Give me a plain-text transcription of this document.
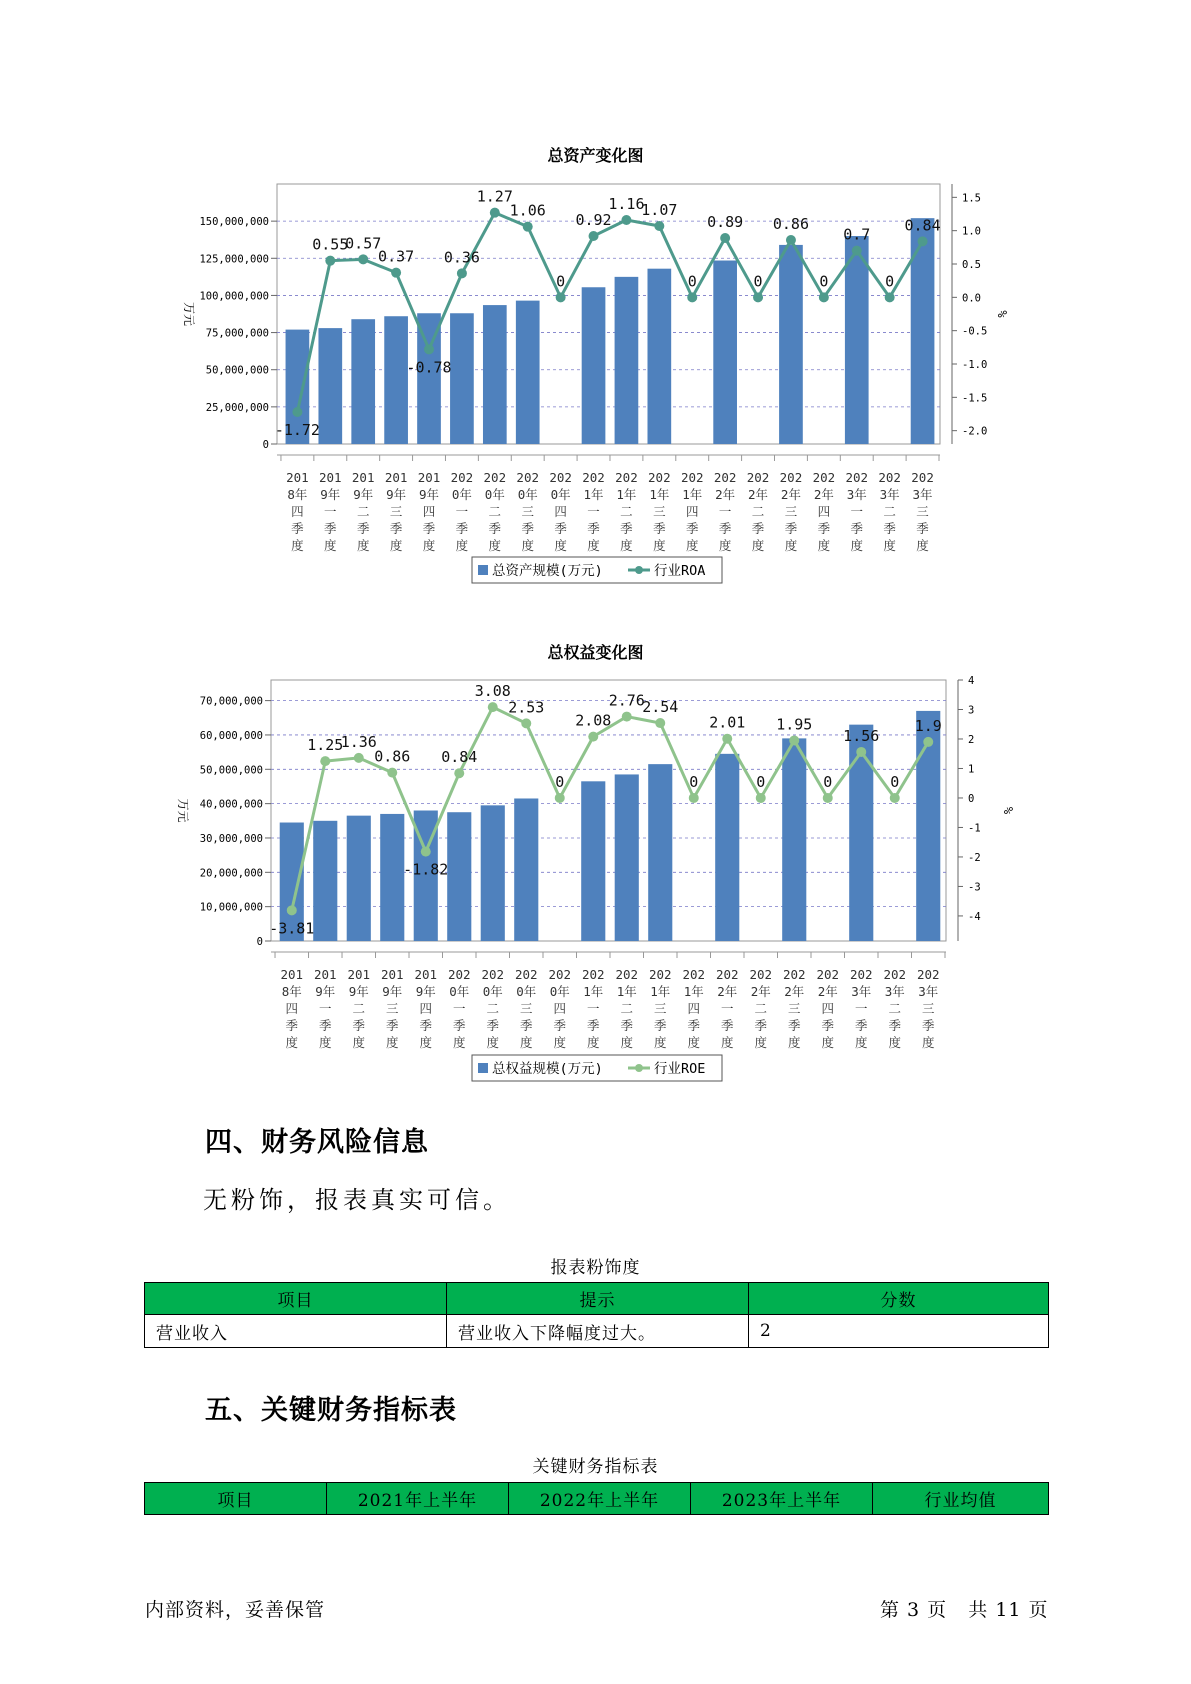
总资产变化图
0
25,000,000
50,000,000
75,000,000
100,000,000
125,000,000
150,000,000
-2.0
-1.5
-1.0
-0.5
0.0
0.5
1.0
1.5
万元	%
-1.72
0.55
0.57
0.37
-0.78
0.36
1.27
1.06
0
0.92
1.16
1.07
0
0.89
0
0.86
0
0.7
0
0.84
201
8年
四
季
度
201
9年
一
季
度
201
9年
二
季
度
201
9年
三
季
度
201
9年
四
季
度
202
0年
一
季
度
202
0年
二
季
度
202
0年
三
季
度
202
0年
四
季
度
202
1年
一
季
度
202
1年
二
季
度
202
1年
三
季
度
202
1年
四
季
度
202
2年
一
季
度
202
2年
二
季
度
202
2年
三
季
度
202
2年
四
季
度
202
3年
一
季
度
202
3年
二
季
度
202
3年
三
季
度
总资产规模(万元)	行业ROA
总权益变化图
0
10,000,000
20,000,000
30,000,000
40,000,000
50,000,000
60,000,000
70,000,000
-4
-3
-2
-1
0
1
2
3
4
万元	%
-3.81
1.25
1.36
0.86
-1.82
0.84
3.08
2.53
0
2.08
2.76
2.54
0
2.01
0
1.95
0
1.56
0
1.9
201
8年
四
季
度
201
9年
一
季
度
201
9年
二
季
度
201
9年
三
季
度
201
9年
四
季
度
202
0年
一
季
度
202
0年
二
季
度
202
0年
三
季
度
202
0年
四
季
度
202
1年
一
季
度
202
1年
二
季
度
202
1年
三
季
度
202
1年
四
季
度
202
2年
一
季
度
202
2年
二
季
度
202
2年
三
季
度
202
2年
四
季
度
202
3年
一
季
度
202
3年
二
季
度
202
3年
三
季
度
总权益规模(万元)	行业ROE
四、财务风险信息
无粉饰，报表真实可信。
报表粉饰度
项目	提示	分数
营业收入	营业收入下降幅度过大。	2
五、关键财务指标表
关键财务指标表
项目	2021年上半年	2022年上半年	2023年上半年	行业均值
内部资料，妥善保管	第 3 页   共 11 页
